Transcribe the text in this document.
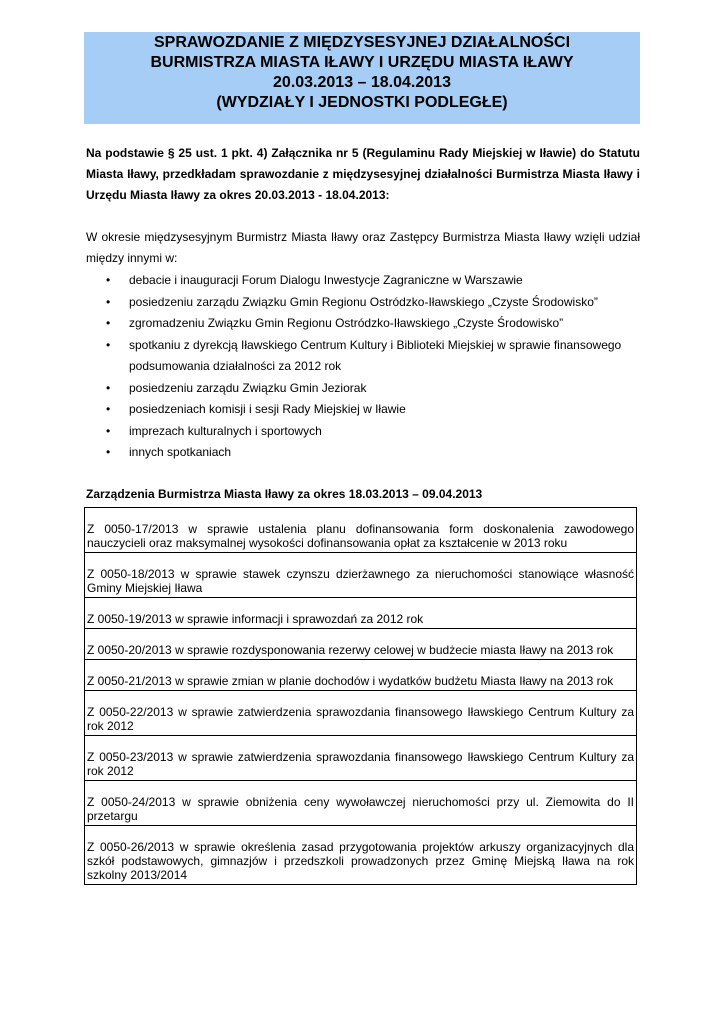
SPRAWOZDANIE Z MIĘDZYSESYJNEJ DZIAŁALNOŚCI
BURMISTRZA MIASTA IŁAWY I URZĘDU MIASTA IŁAWY
20.03.2013 – 18.04.2013
(WYDZIAŁY I JEDNOSTKI PODLEGŁE)
Na podstawie § 25 ust. 1 pkt. 4) Załącznika nr 5 (Regulaminu Rady Miejskiej w Iławie) do Statutu Miasta Iławy, przedkładam sprawozdanie z międzysesyjnej działalności Burmistrza Miasta Iławy i Urzędu Miasta Iławy za okres 20.03.2013 - 18.04.2013:
W okresie międzysesyjnym Burmistrz Miasta Iławy oraz Zastępcy Burmistrza Miasta Iławy wzięli udział między innymi w:
• debacie i inauguracji Forum Dialogu Inwestycje Zagraniczne w Warszawie
• posiedzeniu zarządu Związku Gmin Regionu Ostródzko-Iławskiego „Czyste Środowisko”
• zgromadzeniu Związku Gmin Regionu Ostródzko-Iławskiego „Czyste Środowisko”
• spotkaniu z dyrekcją Iławskiego Centrum Kultury i Biblioteki Miejskiej w sprawie finansowego podsumowania działalności za 2012 rok
• posiedzeniu zarządu Związku Gmin Jeziorak
• posiedzeniach komisji i sesji Rady Miejskiej w Iławie
• imprezach kulturalnych i sportowych
• innych spotkaniach
Zarządzenia Burmistrza Miasta Iławy za okres 18.03.2013 – 09.04.2013
Z 0050-17/2013 w sprawie ustalenia planu dofinansowania form doskonalenia zawodowego nauczycieli oraz maksymalnej wysokości dofinansowania opłat za kształcenie w 2013 roku
Z 0050-18/2013 w sprawie stawek czynszu dzierżawnego za nieruchomości stanowiące własność Gminy Miejskiej Iława
Z 0050-19/2013 w sprawie informacji i sprawozdań za 2012 rok
Z 0050-20/2013 w sprawie rozdysponowania rezerwy celowej w budżecie miasta Iławy na 2013 rok
Z 0050-21/2013 w sprawie zmian w planie dochodów i wydatków budżetu Miasta Iławy na 2013 rok
Z 0050-22/2013 w sprawie zatwierdzenia sprawozdania finansowego Iławskiego Centrum Kultury za rok 2012
Z 0050-23/2013 w sprawie zatwierdzenia sprawozdania finansowego Iławskiego Centrum Kultury za rok 2012
Z 0050-24/2013 w sprawie obniżenia ceny wywoławczej nieruchomości przy ul. Ziemowita do II przetargu
Z 0050-26/2013 w sprawie określenia zasad przygotowania projektów arkuszy organizacyjnych dla szkół podstawowych, gimnazjów i przedszkoli prowadzonych przez Gminę Miejską Iława na rok szkolny 2013/2014
